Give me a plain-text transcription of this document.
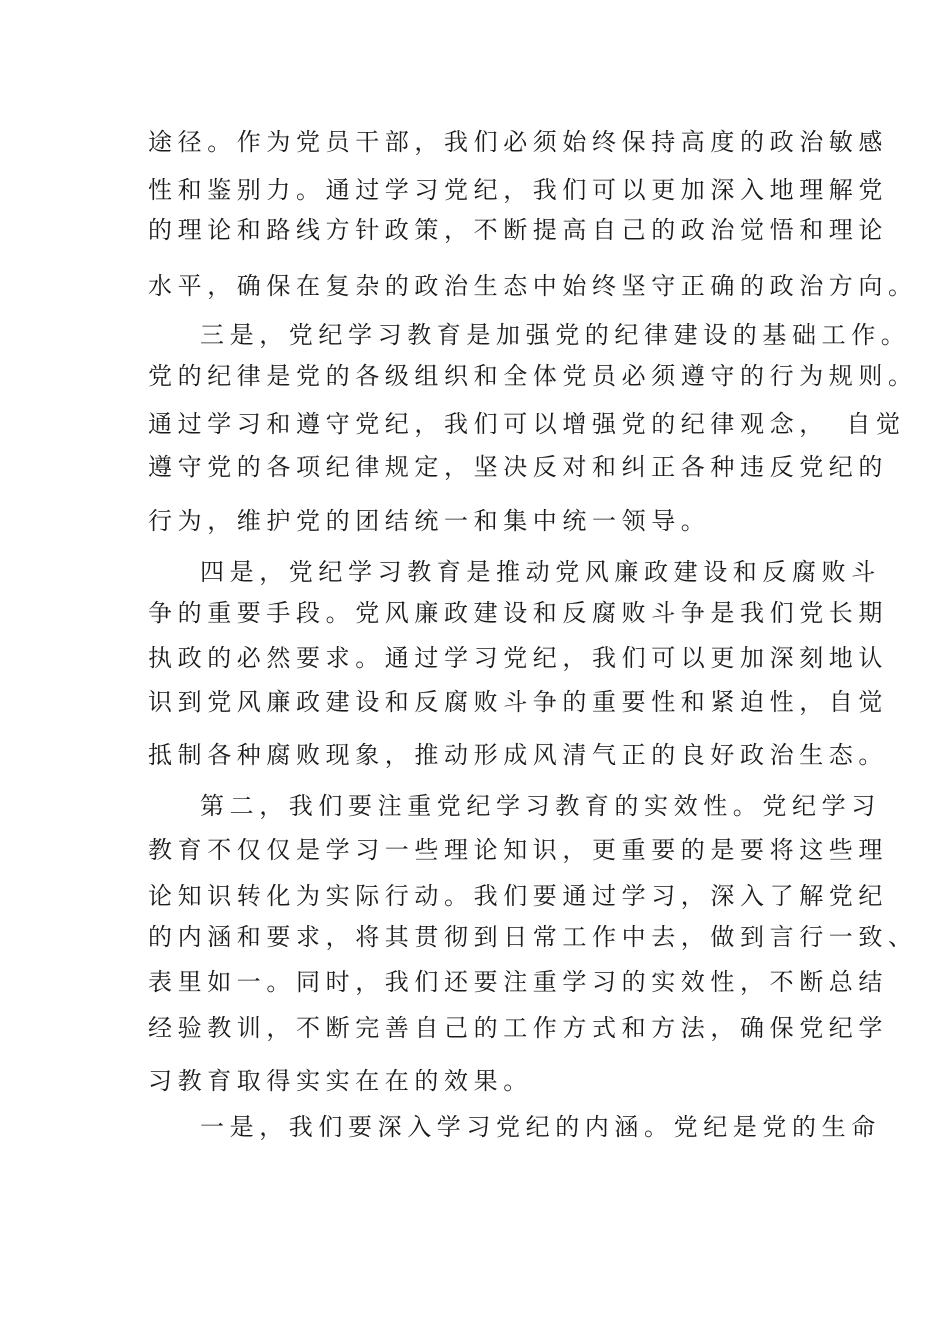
途径。作为党员干部，我们必须始终保持高度的政治敏感
性和鉴别力。通过学习党纪，我们可以更加深入地理解党
的理论和路线方针政策，不断提高自己的政治觉悟和理论
水平，确保在复杂的政治生态中始终坚守正确的政治方向。
三是，党纪学习教育是加强党的纪律建设的基础工作。
党的纪律是党的各级组织和全体党员必须遵守的行为规则。
通过学习和遵守党纪，我们可以增强党的纪律观念，　自觉
遵守党的各项纪律规定，坚决反对和纠正各种违反党纪的
行为，维护党的团结统一和集中统一领导。
四是，党纪学习教育是推动党风廉政建设和反腐败斗
争的重要手段。党风廉政建设和反腐败斗争是我们党长期
执政的必然要求。通过学习党纪，我们可以更加深刻地认
识到党风廉政建设和反腐败斗争的重要性和紧迫性，自觉
抵制各种腐败现象，推动形成风清气正的良好政治生态。
第二，我们要注重党纪学习教育的实效性。党纪学习
教育不仅仅是学习一些理论知识，更重要的是要将这些理
论知识转化为实际行动。我们要通过学习，深入了解党纪
的内涵和要求，将其贯彻到日常工作中去，做到言行一致、
表里如一。同时，我们还要注重学习的实效性，不断总结
经验教训，不断完善自己的工作方式和方法，确保党纪学
习教育取得实实在在的效果。
一是，我们要深入学习党纪的内涵。党纪是党的生命
